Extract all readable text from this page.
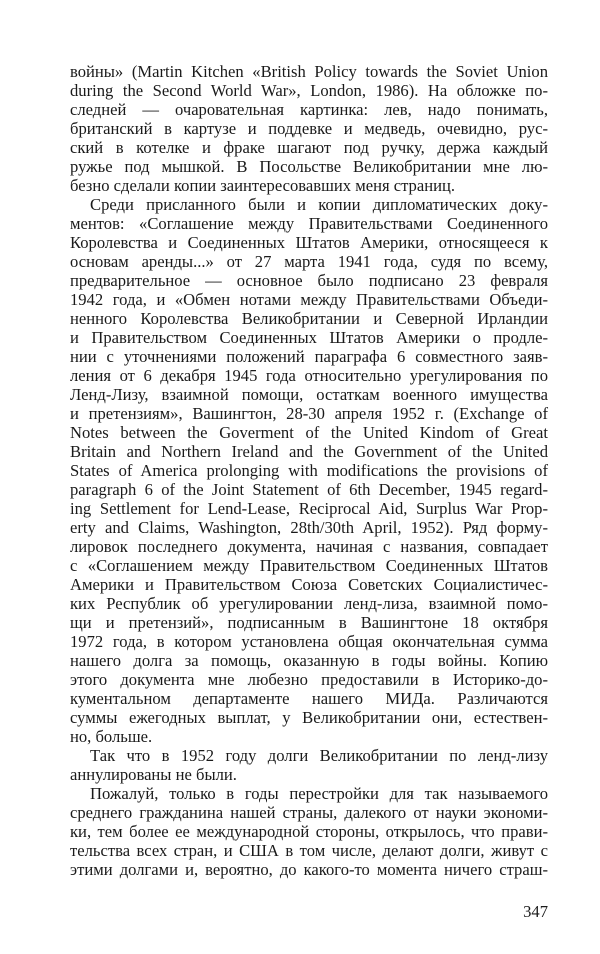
войны» (Martin Kitchen «British Policy towards the Soviet Union
during the Second World War», London, 1986). На обложке по-
следней — очаровательная картинка: лев, надо понимать,
британский в картузе и поддевке и медведь, очевидно, рус-
ский в котелке и фраке шагают под ручку, держа каждый
ружье под мышкой. В Посольстве Великобритании мне лю-
безно сделали копии заинтересовавших меня страниц.
Среди присланного были и копии дипломатических доку-
ментов: «Соглашение между Правительствами Соединенного
Королевства и Соединенных Штатов Америки, относящееся к
основам аренды...» от 27 марта 1941 года, судя по всему,
предварительное — основное было подписано 23 февраля
1942 года, и «Обмен нотами между Правительствами Объеди-
ненного Королевства Великобритании и Северной Ирландии
и Правительством Соединенных Штатов Америки о продле-
нии с уточнениями положений параграфа 6 совместного заяв-
ления от 6 декабря 1945 года относительно урегулирования по
Ленд-Лизу, взаимной помощи, остаткам военного имущества
и претензиям», Вашингтон, 28-30 апреля 1952 г. (Exchange of
Notes between the Goverment of the United Kindom of Great
Britain and Northern Ireland and the Government of the United
States of America prolonging with modifications the provisions of
paragraph 6 of the Joint Statement of 6th December, 1945 regard-
ing Settlement for Lend-Lease, Reciprocal Aid, Surplus War Prop-
erty and Claims, Washington, 28th/30th April, 1952). Ряд форму-
лировок последнего документа, начиная с названия, совпадает
с «Соглашением между Правительством Соединенных Штатов
Америки и Правительством Союза Советских Социалистичес-
ких Республик об урегулировании ленд-лиза, взаимной помо-
щи и претензий», подписанным в Вашингтоне 18 октября
1972 года, в котором установлена общая окончательная сумма
нашего долга за помощь, оказанную в годы войны. Копию
этого документа мне любезно предоставили в Историко-до-
кументальном департаменте нашего МИДа. Различаются
суммы ежегодных выплат, у Великобритании они, естествен-
но, больше.
Так что в 1952 году долги Великобритании по ленд-лизу
аннулированы не были.
Пожалуй, только в годы перестройки для так называемого
среднего гражданина нашей страны, далекого от науки экономи-
ки, тем более ее международной стороны, открылось, что прави-
тельства всех стран, и США в том числе, делают долги, живут с
этими долгами и, вероятно, до какого-то момента ничего страш-
347
